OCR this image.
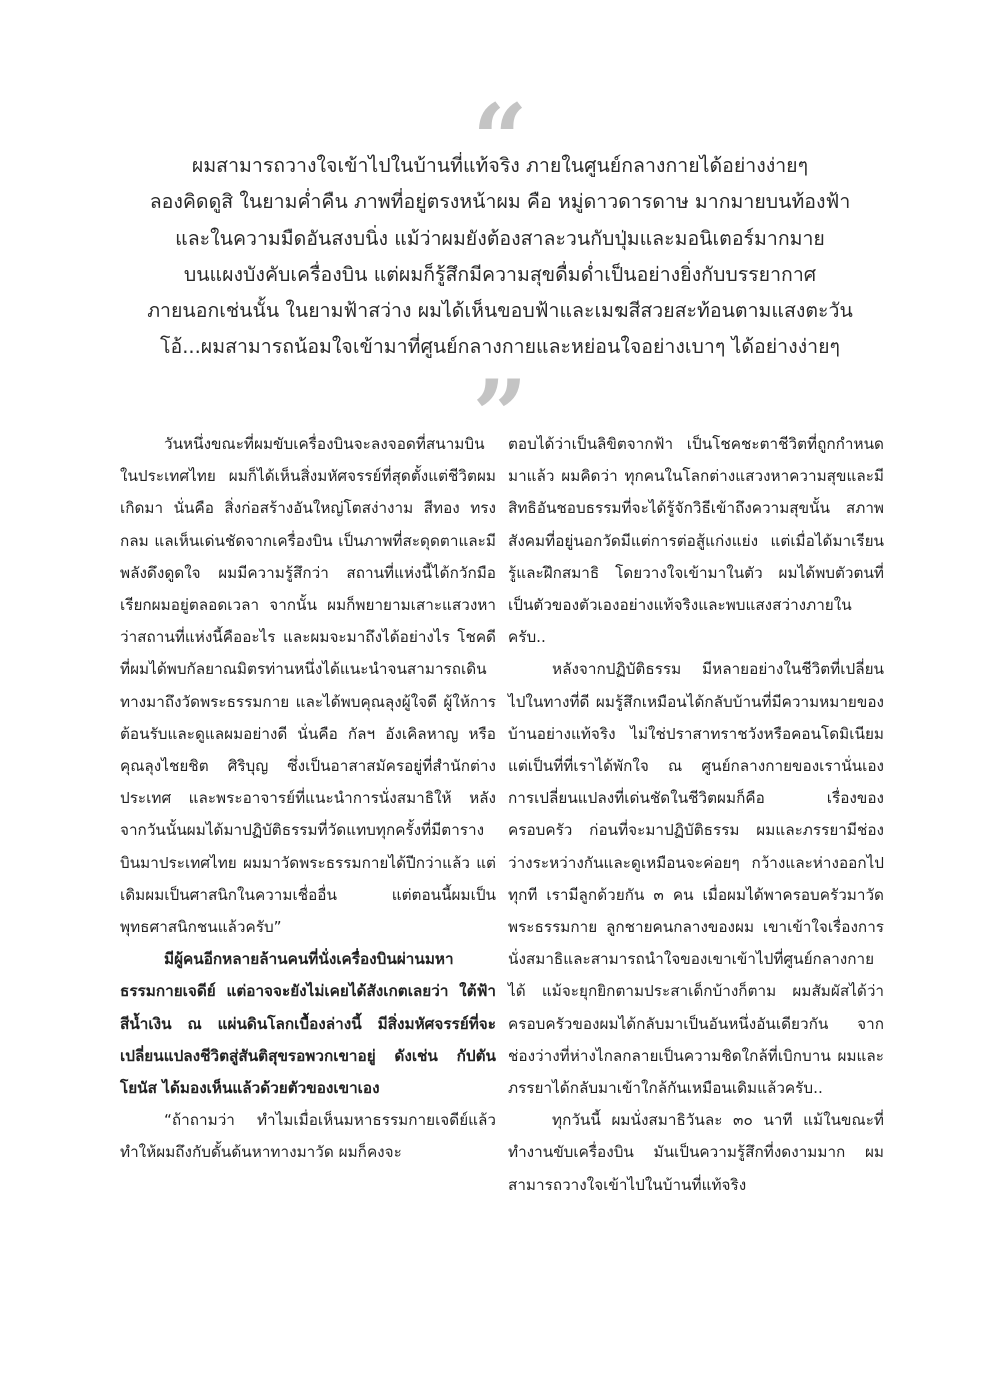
“
ผมสามารถวางใจเข้าไปในบ้านที่แท้จริง ภายในศูนย์กลางกายได้อย่างง่ายๆ
ลองคิดดูสิ ในยามค่ำคืน ภาพที่อยู่ตรงหน้าผม คือ หมู่ดาวดารดาษ มากมายบนท้องฟ้า
และในความมืดอันสงบนิ่ง แม้ว่าผมยังต้องสาละวนกับปุ่มและมอนิเตอร์มากมาย
บนแผงบังคับเครื่องบิน แต่ผมก็รู้สึกมีความสุขดื่มด่ำเป็นอย่างยิ่งกับบรรยากาศ
ภายนอกเช่นนั้น ในยามฟ้าสว่าง ผมได้เห็นขอบฟ้าและเมฆสีสวยสะท้อนตามแสงตะวัน
โอ้...ผมสามารถน้อมใจเข้ามาที่ศูนย์กลางกายและหย่อนใจอย่างเบาๆ ได้อย่างง่ายๆ
”

วันหนึ่งขณะที่ผมขับเครื่องบินจะลงจอดที่สนามบินในประเทศไทย ผมก็ได้เห็นสิ่งมหัศจรรย์ที่สุดตั้งแต่ชีวิตผมเกิดมา นั่นคือ สิ่งก่อสร้างอันใหญ่โตสง่างาม สีทอง ทรงกลม แลเห็นเด่นชัดจากเครื่องบิน เป็นภาพที่สะดุดตาและมีพลังดึงดูดใจ ผมมีความรู้สึกว่า สถานที่แห่งนี้ได้กวักมือเรียกผมอยู่ตลอดเวลา จากนั้น ผมก็พยายามเสาะแสวงหาว่าสถานที่แห่งนี้คืออะไร และผมจะมาถึงได้อย่างไร โชคดีที่ผมได้พบกัลยาณมิตรท่านหนึ่งได้แนะนำจนสามารถเดินทางมาถึงวัดพระธรรมกาย และได้พบคุณลุงผู้ใจดี ผู้ให้การต้อนรับและดูแลผมอย่างดี นั่นคือ กัลฯ อังเคิลหาญ หรือคุณลุงไชยชิต ศิริบุญ ซึ่งเป็นอาสาสมัครอยู่ที่สำนักต่างประเทศ และพระอาจารย์ที่แนะนำการนั่งสมาธิให้ หลังจากวันนั้นผมได้มาปฏิบัติธรรมที่วัดแทบทุกครั้งที่มีตารางบินมาประเทศไทย ผมมาวัดพระธรรมกายได้ปีกว่าแล้ว แต่เดิมผมเป็นศาสนิกในความเชื่ออื่น แต่ตอนนี้ผมเป็นพุทธศาสนิกชนแล้วครับ”

มีผู้คนอีกหลายล้านคนที่นั่งเครื่องบินผ่านมหาธรรมกายเจดีย์ แต่อาจจะยังไม่เคยได้สังเกตเลยว่า ใต้ฟ้าสีน้ำเงิน ณ แผ่นดินโลกเบื้องล่างนี้ มีสิ่งมหัศจรรย์ที่จะเปลี่ยนแปลงชีวิตสู่สันติสุขรอพวกเขาอยู่ ดังเช่น กัปตันโยนัส ได้มองเห็นแล้วด้วยตัวของเขาเอง

“ถ้าถามว่า ทำไมเมื่อเห็นมหาธรรมกายเจดีย์แล้ว ทำให้ผมถึงกับดั้นด้นหาทางมาวัด ผมก็คงจะ

ตอบได้ว่าเป็นลิขิตจากฟ้า เป็นโชคชะตาชีวิตที่ถูกกำหนดมาแล้ว ผมคิดว่า ทุกคนในโลกต่างแสวงหาความสุขและมีสิทธิอันชอบธรรมที่จะได้รู้จักวิธีเข้าถึงความสุขนั้น สภาพสังคมที่อยู่นอกวัดมีแต่การต่อสู้แก่งแย่ง แต่เมื่อได้มาเรียนรู้และฝึกสมาธิ โดยวางใจเข้ามาในตัว ผมได้พบตัวตนที่เป็นตัวของตัวเองอย่างแท้จริงและพบแสงสว่างภายในครับ..

หลังจากปฏิบัติธรรม มีหลายอย่างในชีวิตที่เปลี่ยนไปในทางที่ดี ผมรู้สึกเหมือนได้กลับบ้านที่มีความหมายของบ้านอย่างแท้จริง ไม่ใช่ปราสาทราชวังหรือคอนโดมิเนียม แต่เป็นที่ที่เราได้พักใจ ณ ศูนย์กลางกายของเรานั่นเอง การเปลี่ยนแปลงที่เด่นชัดในชีวิตผมก็คือ เรื่องของครอบครัว ก่อนที่จะมาปฏิบัติธรรม ผมและภรรยามีช่องว่างระหว่างกันและดูเหมือนจะค่อยๆ กว้างและห่างออกไปทุกที เรามีลูกด้วยกัน ๓ คน เมื่อผมได้พาครอบครัวมาวัดพระธรรมกาย ลูกชายคนกลางของผม เขาเข้าใจเรื่องการนั่งสมาธิและสามารถนำใจของเขาเข้าไปที่ศูนย์กลางกายได้ แม้จะยุกยิกตามประสาเด็กบ้างก็ตาม ผมสัมผัสได้ว่าครอบครัวของผมได้กลับมาเป็นอันหนึ่งอันเดียวกัน จากช่องว่างที่ห่างไกลกลายเป็นความชิดใกล้ที่เบิกบาน ผมและภรรยาได้กลับมาเข้าใกล้กันเหมือนเดิมแล้วครับ..

ทุกวันนี้ ผมนั่งสมาธิวันละ ๓๐ นาที แม้ในขณะที่ทำงานขับเครื่องบิน มันเป็นความรู้สึกที่งดงามมาก ผมสามารถวางใจเข้าไปในบ้านที่แท้จริง
